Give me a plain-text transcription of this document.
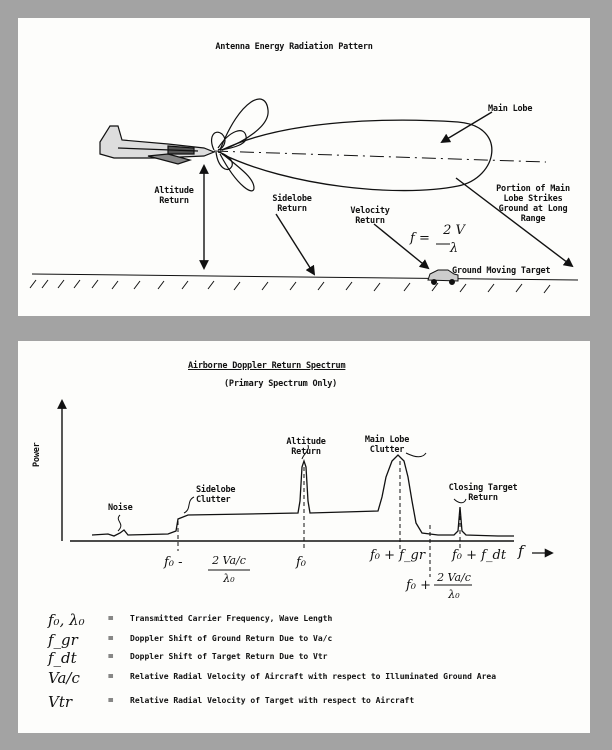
Antenna Energy Radiation Pattern
Main Lobe
Altitude
Return	Sidelobe
Return	Velocity
Return
f =
2 V
λ
Portion of Main
Lobe Strikes
Ground at Long
Range
Ground Moving Target
Airborne Doppler Return Spectrum
(Primary Spectrum Only)
Power
Noise
Sidelobe
Clutter
Altitude
Return
Main Lobe
Clutter
Closing Target
Return
f
f₀ -	2 Va/c
λ₀
f₀	f₀ + f_gr f₀ + f_dt
f₀ +
2 Va/c
λ₀
f₀, λ₀	= Transmitted Carrier Frequency, Wave Length
f_gr	= Doppler Shift of Ground Return Due to Va/c
f_dt	= Doppler Shift of Target Return Due to Vtr
Va/c	= Relative Radial Velocity of Aircraft with respect to Illuminated Ground Area
Vtr	= Relative Radial Velocity of Target with respect to Aircraft
